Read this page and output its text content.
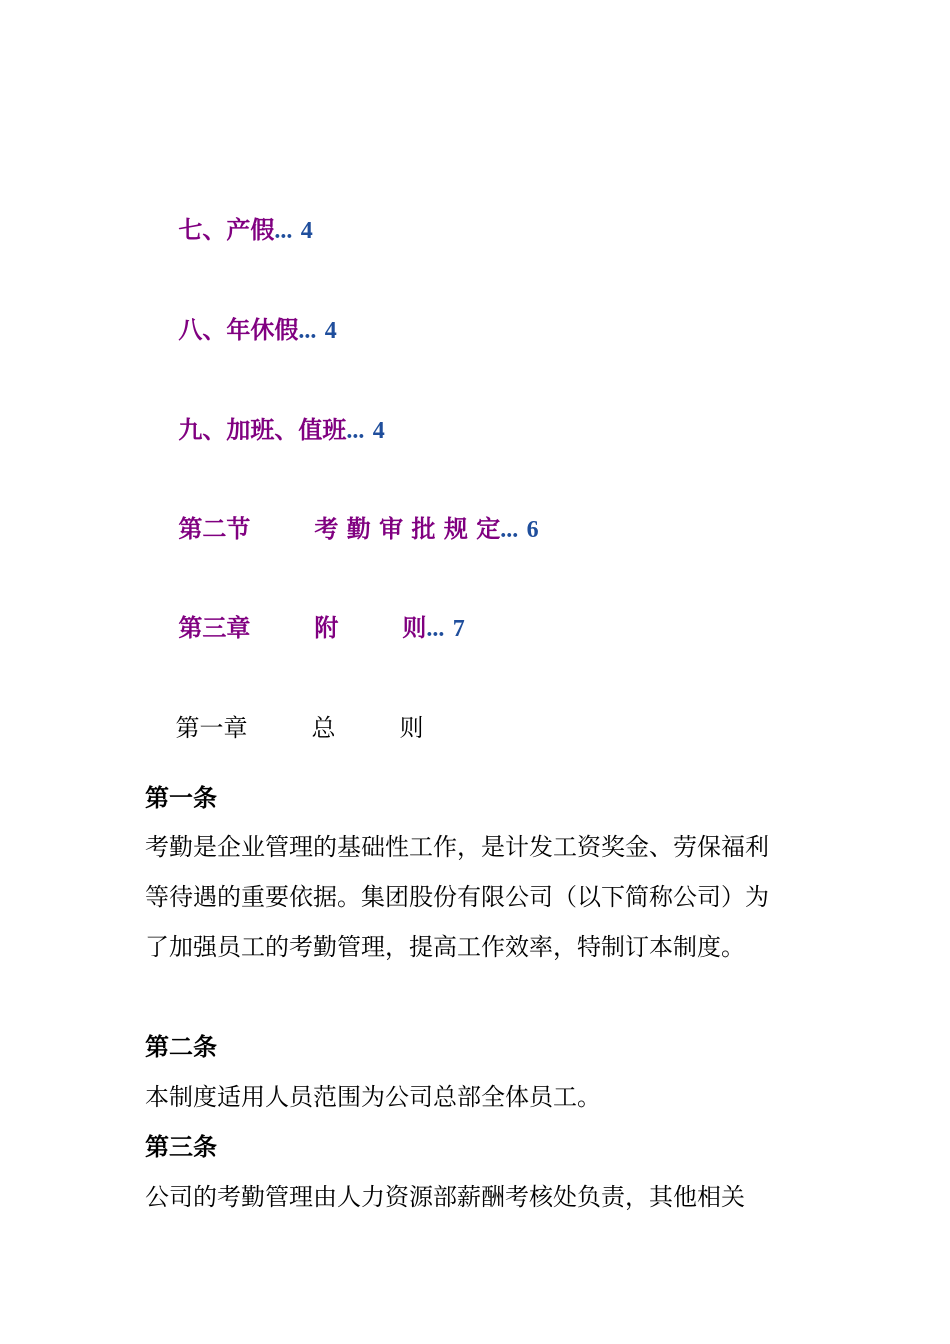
七、产假... 4

八、年休假... 4

九、加班、值班... 4

第二节	考 勤 审 批 规 定... 6

第三章	附	则... 7

第一章	总	则

第一条
考勤是企业管理的基础性工作，是计发工资奖金、劳保福利等待遇的重要依据。集团股份有限公司（以下简称公司）为了加强员工的考勤管理，提高工作效率，特制订本制度。
第二条
本制度适用人员范围为公司总部全体员工。
第三条
公司的考勤管理由人力资源部薪酬考核处负责，其他相关
